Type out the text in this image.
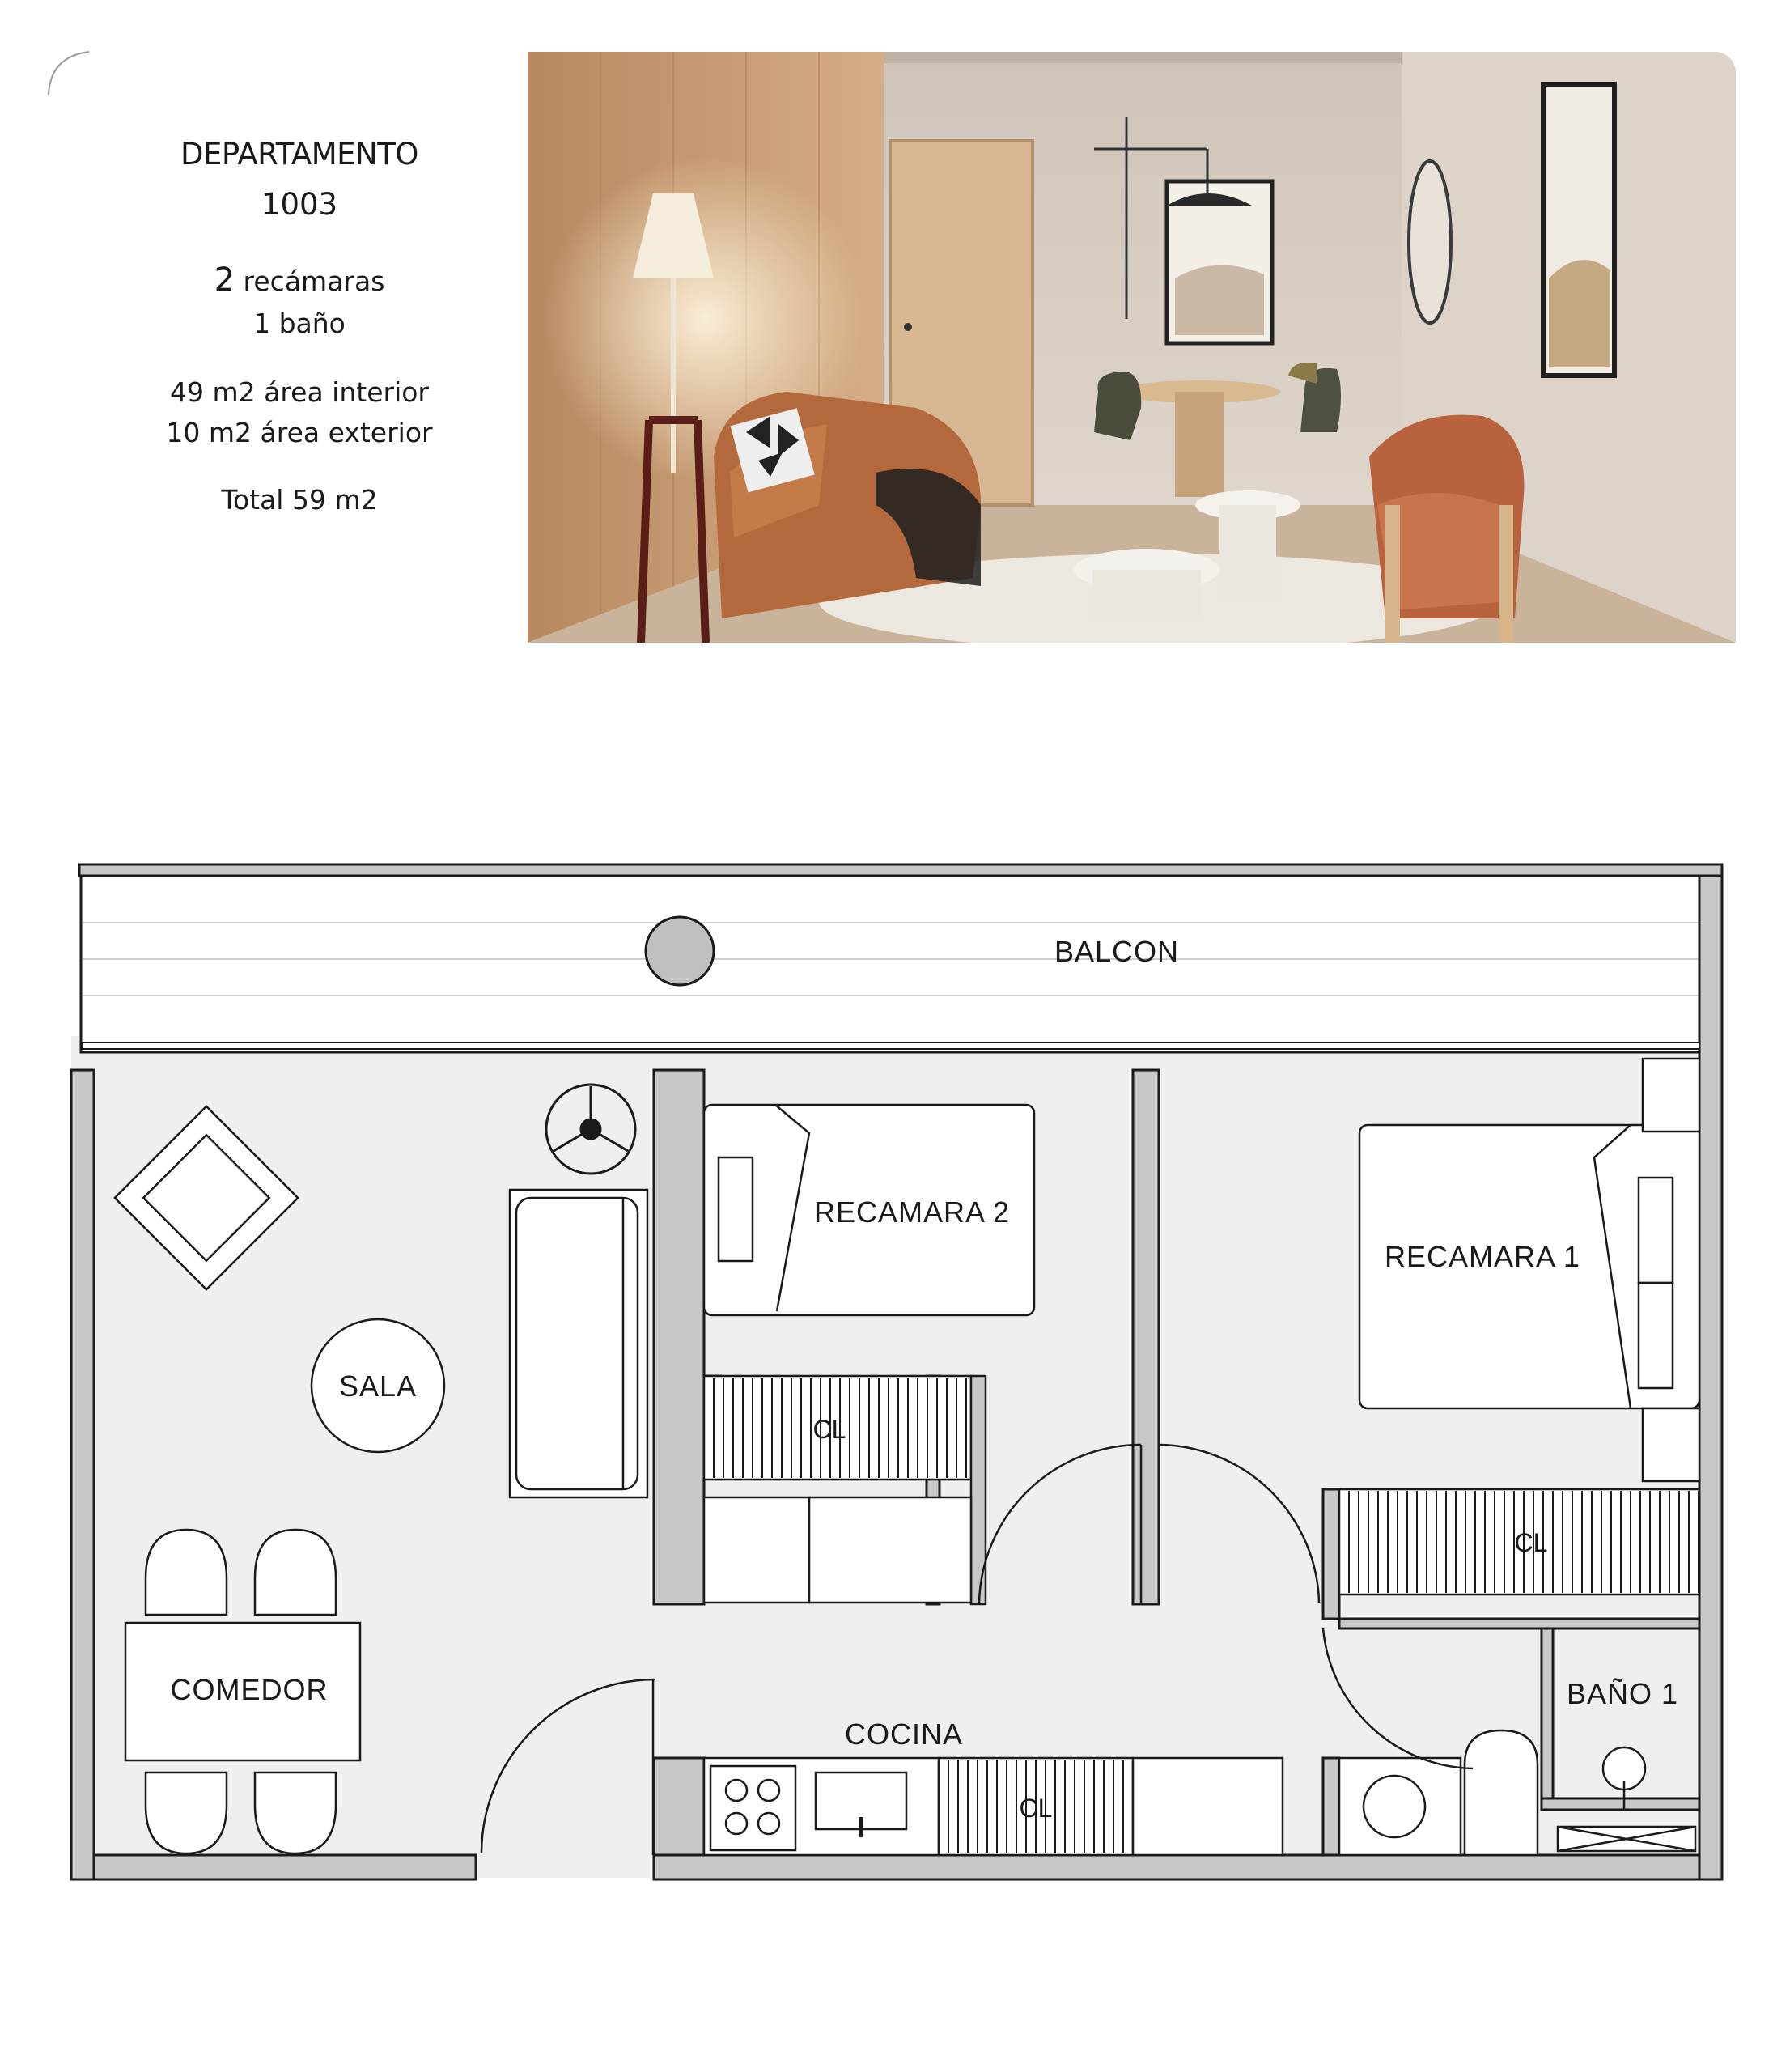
DEPARTAMENTO

1003

2 recámaras
1 baño
49 m2 área interior
10 m2 área exterior
Total 59 m2
BALCON
SALA
RECAMARA 2
CL
RECAMARA 1
CL
BAÑO 1
COMEDOR
CL
COCINA
